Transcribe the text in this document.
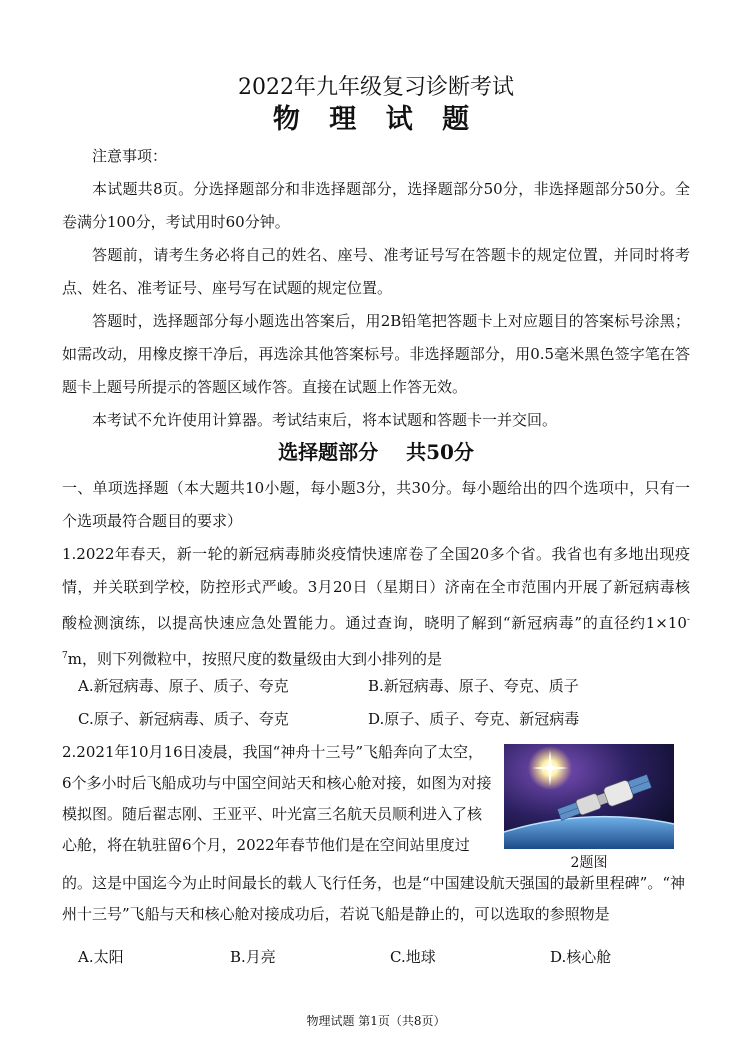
2022年九年级复习诊断考试
物 理 试 题
注意事项：
本试题共8页。分选择题部分和非选择题部分，选择题部分50分，非选择题部分50分。全卷满分100分，考试用时60分钟。
答题前，请考生务必将自己的姓名、座号、准考证号写在答题卡的规定位置，并同时将考点、姓名、准考证号、座号写在试题的规定位置。
答题时，选择题部分每小题选出答案后，用2B铅笔把答题卡上对应题目的答案标号涂黑；如需改动，用橡皮擦干净后，再选涂其他答案标号。非选择题部分，用0.5毫米黑色签字笔在答题卡上题号所提示的答题区域作答。直接在试题上作答无效。
本考试不允许使用计算器。考试结束后，将本试题和答题卡一并交回。
选择题部分 共50分
一、单项选择题（本大题共10小题，每小题3分，共30分。每小题给出的四个选项中，只有一个选项最符合题目的要求）
1.2022年春天，新一轮的新冠病毒肺炎疫情快速席卷了全国20多个省。我省也有多地出现疫情，并关联到学校，防控形式严峻。3月20日（星期日）济南在全市范围内开展了新冠病毒核酸检测演练，以提高快速应急处置能力。通过查询，晓明了解到“新冠病毒”的直径约$1\times 10^{-7}m$，则下列微粒中，按照尺度的数量级由大到小排列的是
A.新冠病毒、原子、质子、夸克	B.新冠病毒、原子、夸克、质子
C.原子、新冠病毒、质子、夸克	D.原子、质子、夸克、新冠病毒
2.2021年10月16日凌晨，我国“神舟十三号”飞船奔向了太空，6个多小时后飞船成功与中国空间站天和核心舱对接，如图为对接模拟图。随后翟志刚、王亚平、叶光富三名航天员顺利进入了核心舱，将在轨驻留6个月，2022年春节他们是在空间站里度过
2题图
的。这是中国迄今为止时间最长的载人飞行任务，也是“中国建设航天强国的最新里程碑”。“神州十三号”飞船与天和核心舱对接成功后，若说飞船是静止的，可以选取的参照物是
A.太阳	B.月亮	C.地球	D.核心舱
物理试题 第1页（共8页）
